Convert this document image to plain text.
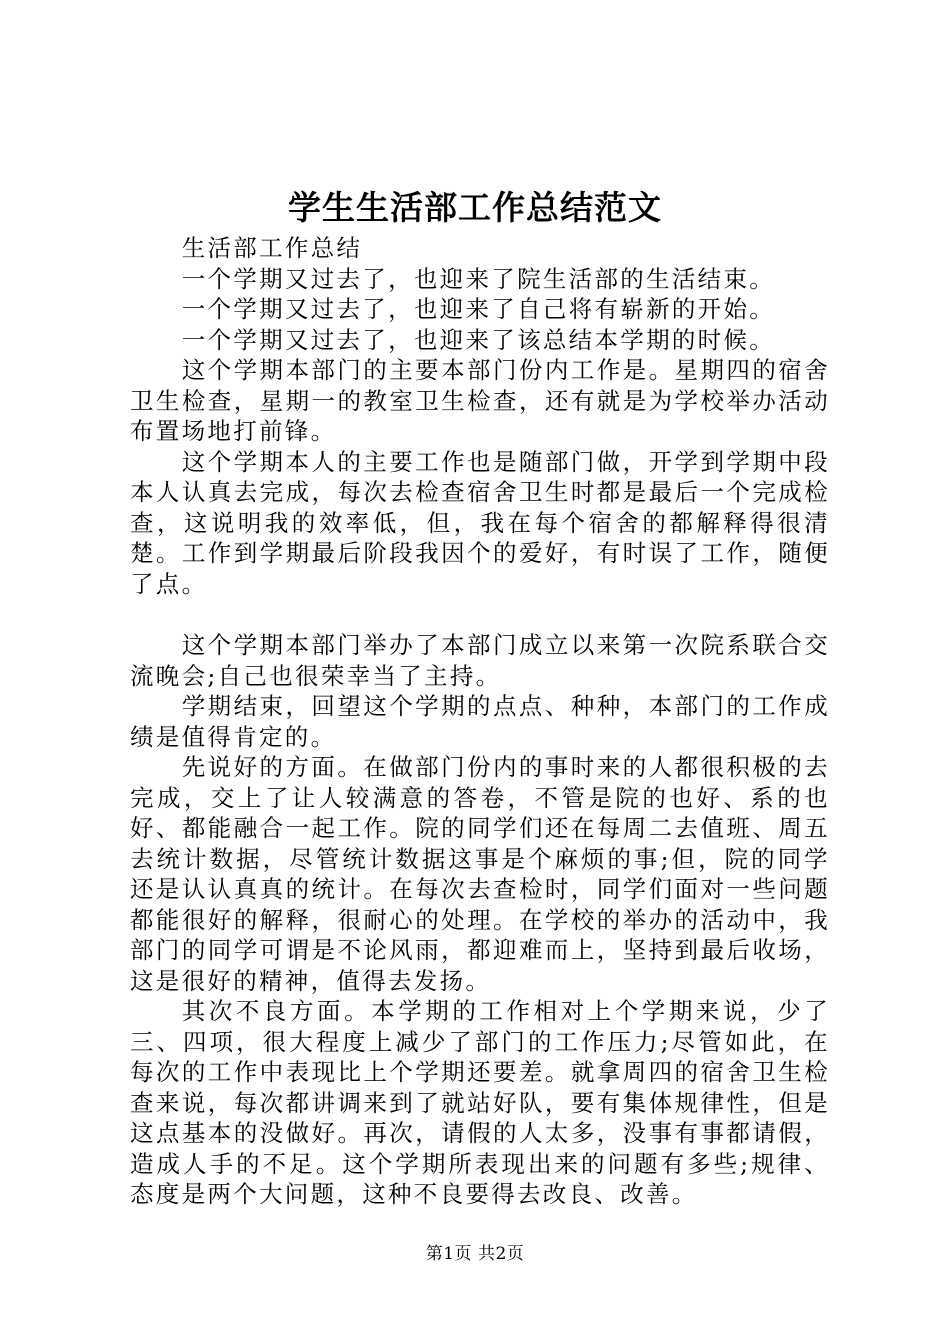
学生生活部工作总结范文

生活部工作总结

一个学期又过去了，也迎来了院生活部的生活结束。

一个学期又过去了，也迎来了自己将有崭新的开始。

一个学期又过去了，也迎来了该总结本学期的时候。

这个学期本部门的主要本部门份内工作是。星期四的宿舍卫生检查，星期一的教室卫生检查，还有就是为学校举办活动布置场地打前锋。

这个学期本人的主要工作也是随部门做，开学到学期中段本人认真去完成，每次去检查宿舍卫生时都是最后一个完成检查，这说明我的效率低，但，我在每个宿舍的都解释得很清楚。工作到学期最后阶段我因个的爱好，有时误了工作，随便了点。

这个学期本部门举办了本部门成立以来第一次院系联合交流晚会;自己也很荣幸当了主持。

学期结束，回望这个学期的点点、种种，本部门的工作成绩是值得肯定的。

先说好的方面。在做部门份内的事时来的人都很积极的去完成，交上了让人较满意的答卷，不管是院的也好、系的也好、都能融合一起工作。院的同学们还在每周二去值班、周五去统计数据，尽管统计数据这事是个麻烦的事;但，院的同学还是认认真真的统计。在每次去查检时，同学们面对一些问题都能很好的解释，很耐心的处理。在学校的举办的活动中，我部门的同学可谓是不论风雨，都迎难而上，坚持到最后收场，这是很好的精神，值得去发扬。

其次不良方面。本学期的工作相对上个学期来说，少了三、四项，很大程度上减少了部门的工作压力;尽管如此，在每次的工作中表现比上个学期还要差。就拿周四的宿舍卫生检查来说，每次都讲调来到了就站好队，要有集体规律性，但是这点基本的没做好。再次，请假的人太多，没事有事都请假，造成人手的不足。这个学期所表现出来的问题有多些;规律、态度是两个大问题，这种不良要得去改良、改善。

第1页 共2页
